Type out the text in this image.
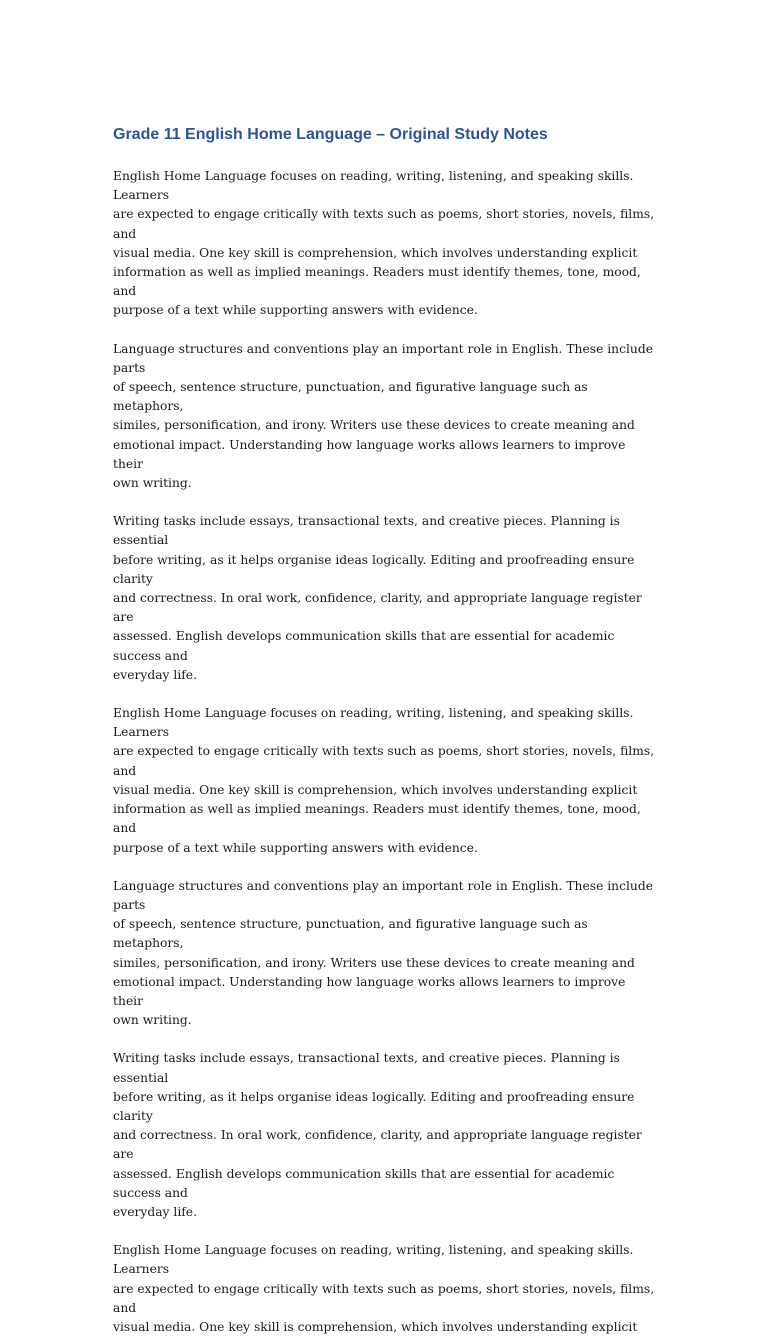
Grade 11 English Home Language – Original Study Notes

English Home Language focuses on reading, writing, listening, and speaking skills. Learners
are expected to engage critically with texts such as poems, short stories, novels, films, and
visual media. One key skill is comprehension, which involves understanding explicit
information as well as implied meanings. Readers must identify themes, tone, mood, and
purpose of a text while supporting answers with evidence.

Language structures and conventions play an important role in English. These include parts
of speech, sentence structure, punctuation, and figurative language such as metaphors,
similes, personification, and irony. Writers use these devices to create meaning and
emotional impact. Understanding how language works allows learners to improve their
own writing.

Writing tasks include essays, transactional texts, and creative pieces. Planning is essential
before writing, as it helps organise ideas logically. Editing and proofreading ensure clarity
and correctness. In oral work, confidence, clarity, and appropriate language register are
assessed. English develops communication skills that are essential for academic success and
everyday life.

English Home Language focuses on reading, writing, listening, and speaking skills. Learners
are expected to engage critically with texts such as poems, short stories, novels, films, and
visual media. One key skill is comprehension, which involves understanding explicit
information as well as implied meanings. Readers must identify themes, tone, mood, and
purpose of a text while supporting answers with evidence.

Language structures and conventions play an important role in English. These include parts
of speech, sentence structure, punctuation, and figurative language such as metaphors,
similes, personification, and irony. Writers use these devices to create meaning and
emotional impact. Understanding how language works allows learners to improve their
own writing.

Writing tasks include essays, transactional texts, and creative pieces. Planning is essential
before writing, as it helps organise ideas logically. Editing and proofreading ensure clarity
and correctness. In oral work, confidence, clarity, and appropriate language register are
assessed. English develops communication skills that are essential for academic success and
everyday life.

English Home Language focuses on reading, writing, listening, and speaking skills. Learners
are expected to engage critically with texts such as poems, short stories, novels, films, and
visual media. One key skill is comprehension, which involves understanding explicit
